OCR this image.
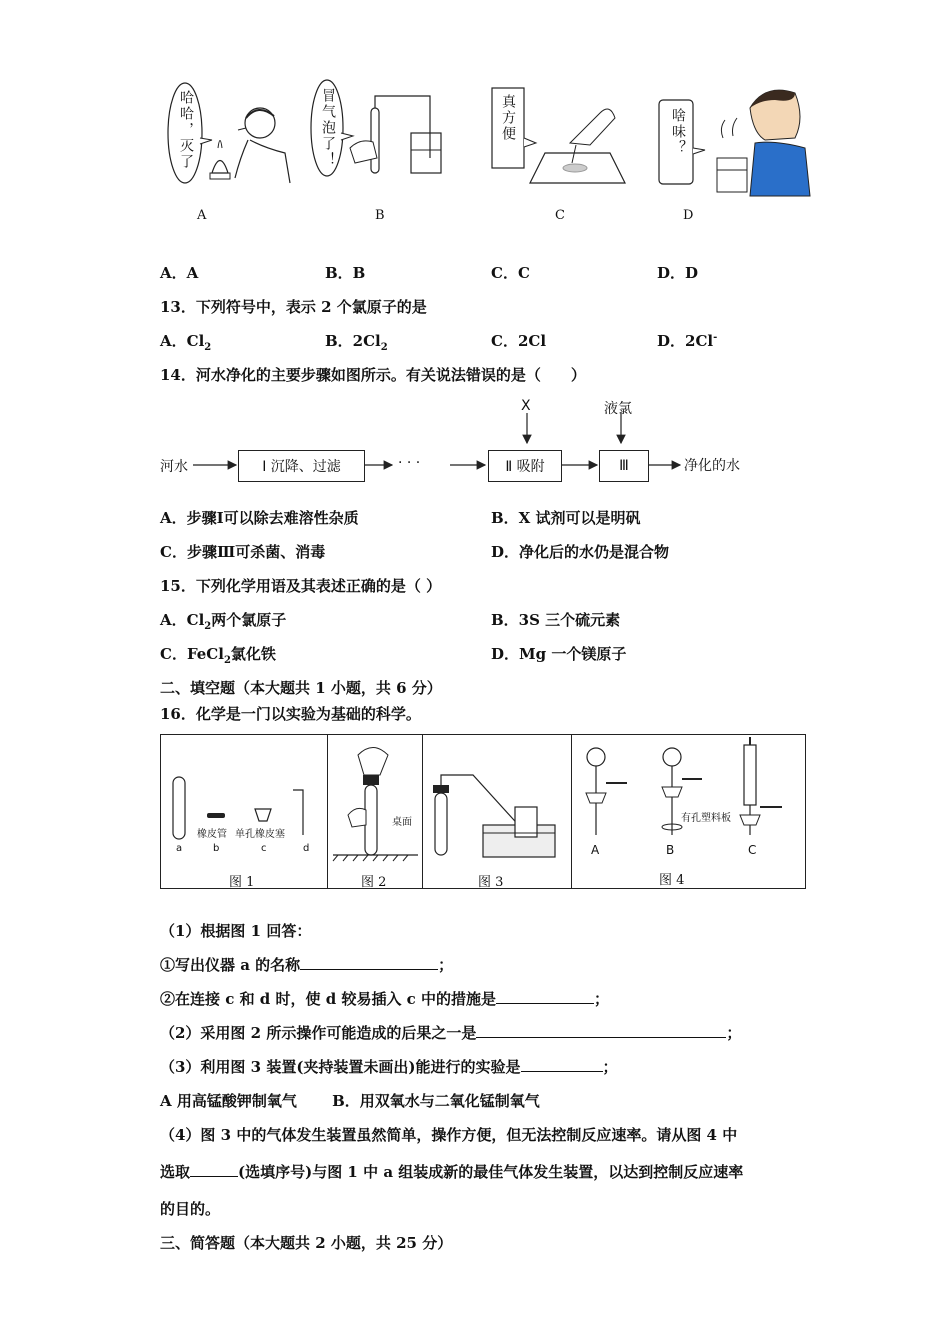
哈哈，灭了	冒气泡了！	真方便	啥味？
A	B	C	D
A．A	B．B	C．C	D．D
13．下列符号中，表示 2 个氯原子的是
A．$Cl_2$	B．$2Cl_2$	C．2Cl	D．2Cl-
14．河水净化的主要步骤如图所示。有关说法错误的是（　　）
河水	Ⅰ 沉降、过滤	· · ·	Ⅱ 吸附	Ⅲ
X	液氯
净化的水
A．步骤Ⅰ可以除去难溶性杂质	B．X 试剂可以是明矾
C．步骤Ⅲ可杀菌、消毒	D．净化后的水仍是混合物
15．下列化学用语及其表述正确的是（ ）
A．$Cl_2$两个氯原子	B．3S 三个硫元素
C．FeCl$_2$氯化铁	D．Mg 一个镁原子
二、填空题（本大题共 1 小题，共 6 分）
16．化学是一门以实验为基础的科学。
橡皮管 单孔橡皮塞
a	b	c	d
图 1
桌面
图 2	图 3
有孔塑料板
A	B	C
图 4
（1）根据图 1 回答：
①写出仪器 a 的名称	；
②在连接 c 和 d 时，使 d 较易插入 c 中的措施是	；
（2）采用图 2 所示操作可能造成的后果之一是	；
（3）利用图 3 装置(夹持装置未画出)能进行的实验是	；
A 用高锰酸钾制氧气　　 B．用双氧水与二氧化锰制氧气
（4）图 3 中的气体发生装置虽然简单，操作方便，但无法控制反应速率。请从图 4 中
选取	(选填序号)与图 1 中 a 组装成新的最佳气体发生装置，以达到控制反应速率
的目的。
三、简答题（本大题共 2 小题，共 25 分）
